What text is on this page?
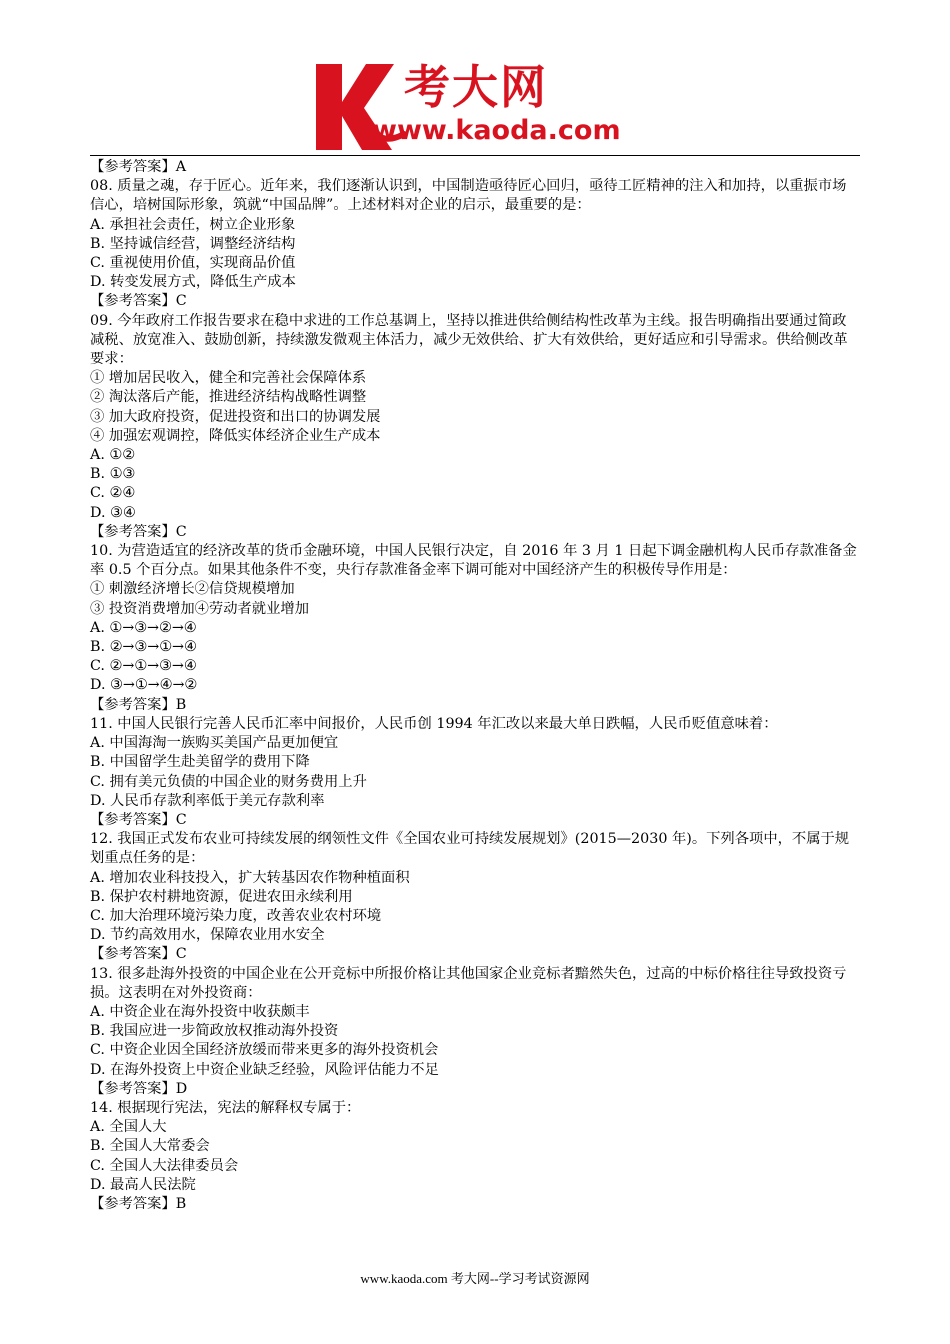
考大网
www.kaoda.com

【参考答案】A

08. 质量之魂，存于匠心。近年来，我们逐渐认识到，中国制造亟待匠心回归，亟待工匠精神的注入和加持，以重振市场信心，培树国际形象，筑就“中国品牌”。上述材料对企业的启示，最重要的是：

A. 承担社会责任，树立企业形象

B. 坚持诚信经营，调整经济结构

C. 重视使用价值，实现商品价值

D. 转变发展方式，降低生产成本

【参考答案】C

09. 今年政府工作报告要求在稳中求进的工作总基调上，坚持以推进供给侧结构性改革为主线。报告明确指出要通过简政减税、放宽准入、鼓励创新，持续激发微观主体活力，减少无效供给、扩大有效供给，更好适应和引导需求。供给侧改革要求：

① 增加居民收入，健全和完善社会保障体系

② 淘汰落后产能，推进经济结构战略性调整

③ 加大政府投资，促进投资和出口的协调发展

④ 加强宏观调控，降低实体经济企业生产成本

A. ①②

B. ①③

C. ②④

D. ③④

【参考答案】C

10. 为营造适宜的经济改革的货币金融环境，中国人民银行决定，自 2016 年 3 月 1 日起下调金融机构人民币存款准备金率 0.5 个百分点。如果其他条件不变，央行存款准备金率下调可能对中国经济产生的积极传导作用是：

① 刺激经济增长②信贷规模增加

③ 投资消费增加④劳动者就业增加

A. ①→③→②→④

B. ②→③→①→④

C. ②→①→③→④

D. ③→①→④→②

【参考答案】B

11. 中国人民银行完善人民币汇率中间报价，人民币创 1994 年汇改以来最大单日跌幅，人民币贬值意味着：

A. 中国海淘一族购买美国产品更加便宜

B. 中国留学生赴美留学的费用下降

C. 拥有美元负债的中国企业的财务费用上升

D. 人民币存款利率低于美元存款利率

【参考答案】C

12. 我国正式发布农业可持续发展的纲领性文件《全国农业可持续发展规划》(2015—2030 年)。下列各项中，不属于规划重点任务的是：

A. 增加农业科技投入，扩大转基因农作物种植面积

B. 保护农村耕地资源，促进农田永续利用

C. 加大治理环境污染力度，改善农业农村环境

D. 节约高效用水，保障农业用水安全

【参考答案】C

13. 很多赴海外投资的中国企业在公开竞标中所报价格让其他国家企业竞标者黯然失色，过高的中标价格往往导致投资亏损。这表明在对外投资商：

A. 中资企业在海外投资中收获颇丰

B. 我国应进一步简政放权推动海外投资

C. 中资企业因全国经济放缓而带来更多的海外投资机会

D. 在海外投资上中资企业缺乏经验，风险评估能力不足

【参考答案】D

14. 根据现行宪法，宪法的解释权专属于：

A. 全国人大

B. 全国人大常委会

C. 全国人大法律委员会

D. 最高人民法院

【参考答案】B

www.kaoda.com 考大网--学习考试资源网
